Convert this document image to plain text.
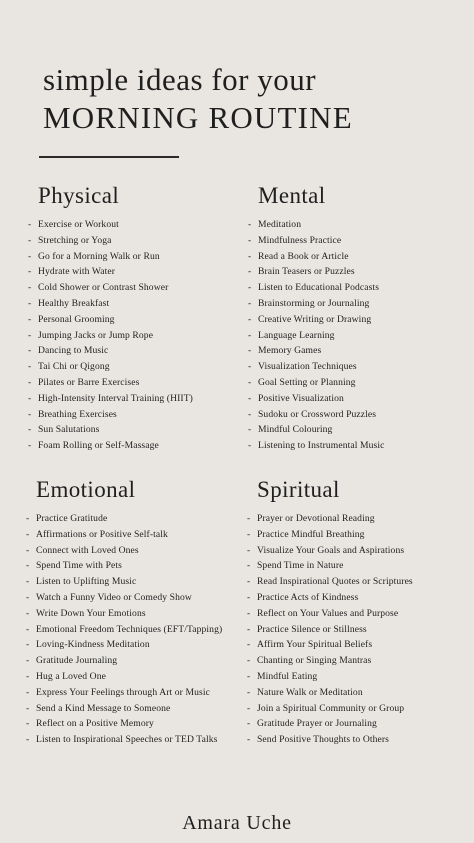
simple ideas for your
MORNING ROUTINE
Physical
- Exercise or Workout
- Stretching or Yoga
- Go for a Morning Walk or Run
- Hydrate with Water
- Cold Shower or Contrast Shower
- Healthy Breakfast
- Personal Grooming
- Jumping Jacks or Jump Rope
- Dancing to Music
- Tai Chi or Qigong
- Pilates or Barre Exercises
- High-Intensity Interval Training (HIIT)
- Breathing Exercises
- Sun Salutations
- Foam Rolling or Self-Massage
Mental
- Meditation
- Mindfulness Practice
- Read a Book or Article
- Brain Teasers or Puzzles
- Listen to Educational Podcasts
- Brainstorming or Journaling
- Creative Writing or Drawing
- Language Learning
- Memory Games
- Visualization Techniques
- Goal Setting or Planning
- Positive Visualization
- Sudoku or Crossword Puzzles
- Mindful Colouring
- Listening to Instrumental Music
Emotional
- Practice Gratitude
- Affirmations or Positive Self-talk
- Connect with Loved Ones
- Spend Time with Pets
- Listen to Uplifting Music
- Watch a Funny Video or Comedy Show
- Write Down Your Emotions
- Emotional Freedom Techniques (EFT/Tapping)
- Loving-Kindness Meditation
- Gratitude Journaling
- Hug a Loved One
- Express Your Feelings through Art or Music
- Send a Kind Message to Someone
- Reflect on a Positive Memory
- Listen to Inspirational Speeches or TED Talks
Spiritual
- Prayer or Devotional Reading
- Practice Mindful Breathing
- Visualize Your Goals and Aspirations
- Spend Time in Nature
- Read Inspirational Quotes or Scriptures
- Practice Acts of Kindness
- Reflect on Your Values and Purpose
- Practice Silence or Stillness
- Affirm Your Spiritual Beliefs
- Chanting or Singing Mantras
- Mindful Eating
- Nature Walk or Meditation
- Join a Spiritual Community or Group
- Gratitude Prayer or Journaling
- Send Positive Thoughts to Others
Amara Uche
